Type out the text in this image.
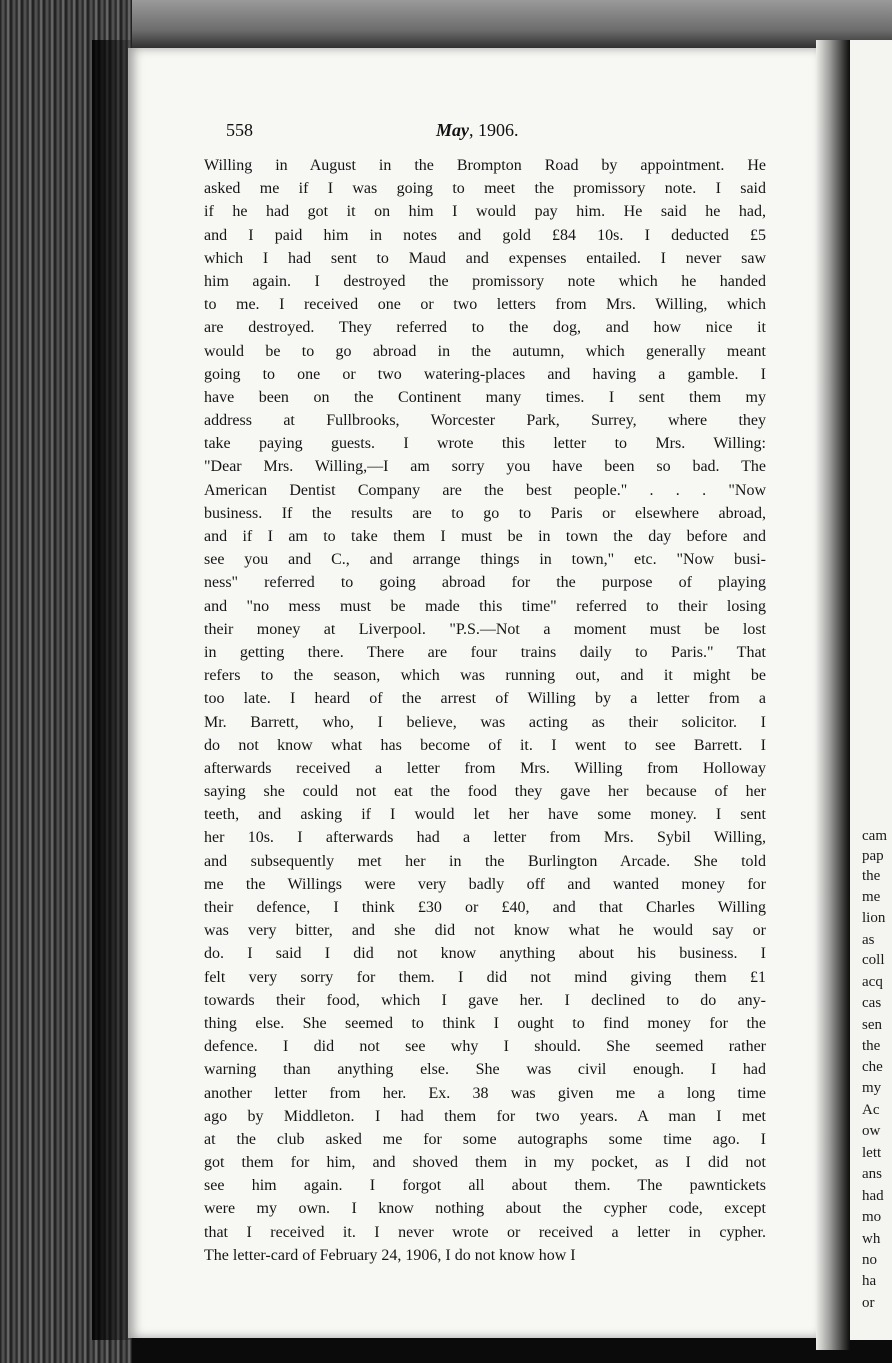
558	May, 1906.
Willing in August in the Brompton Road by appointment. He
asked me if I was going to meet the promissory note. I said
if he had got it on him I would pay him. He said he had,
and I paid him in notes and gold £84 10s. I deducted £5
which I had sent to Maud and expenses entailed. I never saw
him again. I destroyed the promissory note which he handed
to me. I received one or two letters from Mrs. Willing, which
are destroyed. They referred to the dog, and how nice it
would be to go abroad in the autumn, which generally meant
going to one or two watering-places and having a gamble. I
have been on the Continent many times. I sent them my
address at Fullbrooks, Worcester Park, Surrey, where they
take paying guests. I wrote this letter to Mrs. Willing:
"Dear Mrs. Willing,—I am sorry you have been so bad. The
American Dentist Company are the best people." . . . "Now
business. If the results are to go to Paris or elsewhere abroad,
and if I am to take them I must be in town the day before and
see you and C., and arrange things in town," etc. "Now busi-
ness" referred to going abroad for the purpose of playing
and "no mess must be made this time" referred to their losing
their money at Liverpool. "P.S.—Not a moment must be lost
in getting there. There are four trains daily to Paris." That
refers to the season, which was running out, and it might be
too late. I heard of the arrest of Willing by a letter from a
Mr. Barrett, who, I believe, was acting as their solicitor. I
do not know what has become of it. I went to see Barrett. I
afterwards received a letter from Mrs. Willing from Holloway
saying she could not eat the food they gave her because of her
teeth, and asking if I would let her have some money. I sent
her 10s. I afterwards had a letter from Mrs. Sybil Willing,
and subsequently met her in the Burlington Arcade. She told
me the Willings were very badly off and wanted money for
their defence, I think £30 or £40, and that Charles Willing
was very bitter, and she did not know what he would say or
do. I said I did not know anything about his business. I
felt very sorry for them. I did not mind giving them £1
towards their food, which I gave her. I declined to do any-
thing else. She seemed to think I ought to find money for the
defence. I did not see why I should. She seemed rather
warning than anything else. She was civil enough. I had
another letter from her. Ex. 38 was given me a long time
ago by Middleton. I had them for two years. A man I met
at the club asked me for some autographs some time ago. I
got them for him, and shoved them in my pocket, as I did not
see him again. I forgot all about them. The pawntickets
were my own. I know nothing about the cypher code, except
that I received it. I never wrote or received a letter in cypher.
The letter-card of February 24, 1906, I do not know how I
cam
pap
the
me
lion
as
coll
acq
cas
sen
the
che
my
Ac
ow
lett
ans
had
mo
wh
no
ha
or
